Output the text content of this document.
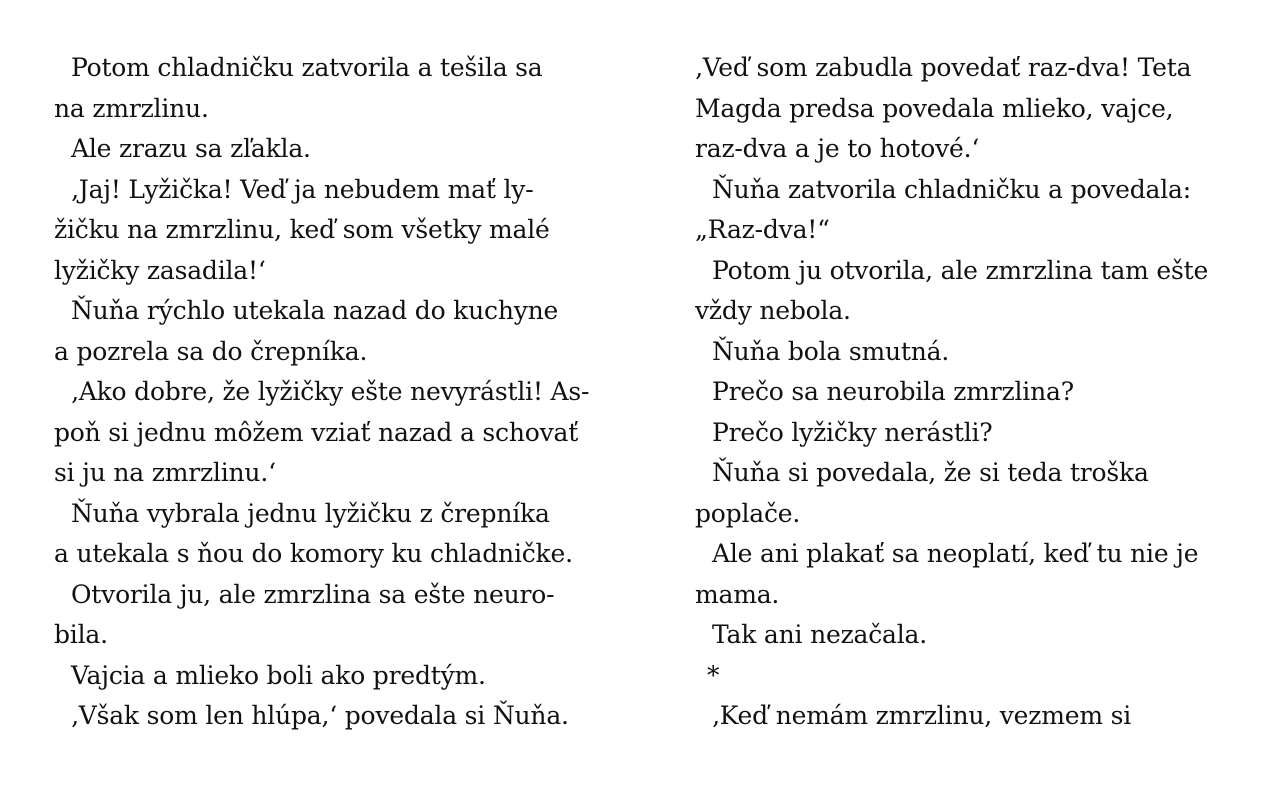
Potom chladničku zatvorila a tešila sa
na zmrzlinu.
Ale zrazu sa zľakla.
‚Jaj! Lyžička! Veď ja nebudem mať ly-
žičku na zmrzlinu, keď som všetky malé
lyžičky zasadila!‘
Ňuňa rýchlo utekala nazad do kuchyne
a pozrela sa do črepníka.
‚Ako dobre, že lyžičky ešte nevyrástli! As-
poň si jednu môžem vziať nazad a schovať
si ju na zmrzlinu.‘
Ňuňa vybrala jednu lyžičku z črepníka
a utekala s ňou do komory ku chladničke.
Otvorila ju, ale zmrzlina sa ešte neuro-
bila.
Vajcia a mlieko boli ako predtým.
‚Však som len hlúpa,‘ povedala si Ňuňa.
‚Veď som zabudla povedať raz-dva! Teta
Magda predsa povedala mlieko, vajce,
raz-dva a je to hotové.‘
Ňuňa zatvorila chladničku a povedala:
„Raz-dva!“
Potom ju otvorila, ale zmrzlina tam ešte
vždy nebola.
Ňuňa bola smutná.
Prečo sa neurobila zmrzlina?
Prečo lyžičky nerástli?
Ňuňa si povedala, že si teda troška
poplače.
Ale ani plakať sa neoplatí, keď tu nie je
mama.
Tak ani nezačala.
*
‚Keď nemám zmrzlinu, vezmem si
